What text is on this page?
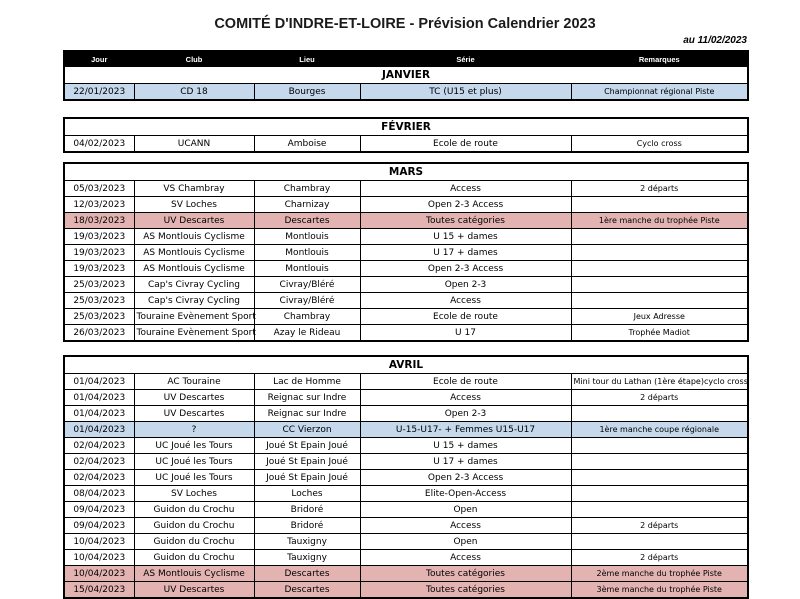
COMITÉ D'INDRE-ET-LOIRE - Prévision Calendrier 2023
au 11/02/2023
Jour	Club	Lieu	Série	Remarques
JANVIER				
22/01/2023	CD 18	Bourges	TC (U15 et plus)	Championnat régional Piste
FÉVRIER
04/02/2023	UCANN	Amboise	Ecole de route	Cyclo cross
MARS				
05/03/2023	VS Chambray	Chambray	Access	2 départs
12/03/2023	SV Loches	Charnizay	Open 2-3 Access	
18/03/2023	UV Descartes	Descartes	Toutes catégories	1ère manche du trophée Piste
19/03/2023	AS Montlouis Cyclisme	Montlouis	U 15 + dames	
19/03/2023	AS Montlouis Cyclisme	Montlouis	U 17 + dames	
19/03/2023	AS Montlouis Cyclisme	Montlouis	Open 2-3 Access	
25/03/2023	Cap's Civray Cycling	Civray/Bléré	Open 2-3	
25/03/2023	Cap's Civray Cycling	Civray/Bléré	Access	
25/03/2023	Touraine Evènement Sport	Chambray	Ecole de route	Jeux Adresse
26/03/2023	Touraine Evènement Sport	Azay le Rideau	U 17	Trophée Madiot
AVRIL				
01/04/2023	AC Touraine	Lac de Homme	Ecole de route	Mini tour du Lathan (1ère étape)cyclo cross
01/04/2023	UV Descartes	Reignac sur Indre	Access	2 départs
01/04/2023	UV Descartes	Reignac sur Indre	Open 2-3	
01/04/2023	?	CC Vierzon	U-15-U17- + Femmes U15-U17	1ère manche coupe régionale
02/04/2023	UC Joué les Tours	Joué St Epain Joué	U 15 + dames	
02/04/2023	UC Joué les Tours	Joué St Epain Joué	U 17 + dames	
02/04/2023	UC Joué les Tours	Joué St Epain Joué	Open 2-3 Access	
08/04/2023	SV Loches	Loches	Elite-Open-Access	
09/04/2023	Guidon du Crochu	Bridoré	Open	
09/04/2023	Guidon du Crochu	Bridoré	Access	2 départs
10/04/2023	Guidon du Crochu	Tauxigny	Open	
10/04/2023	Guidon du Crochu	Tauxigny	Access	2 départs
10/04/2023	AS Montlouis Cyclisme	Descartes	Toutes catégories	2ème manche du trophée Piste
15/04/2023	UV Descartes	Descartes	Toutes catégories	3ème manche du trophée Piste
